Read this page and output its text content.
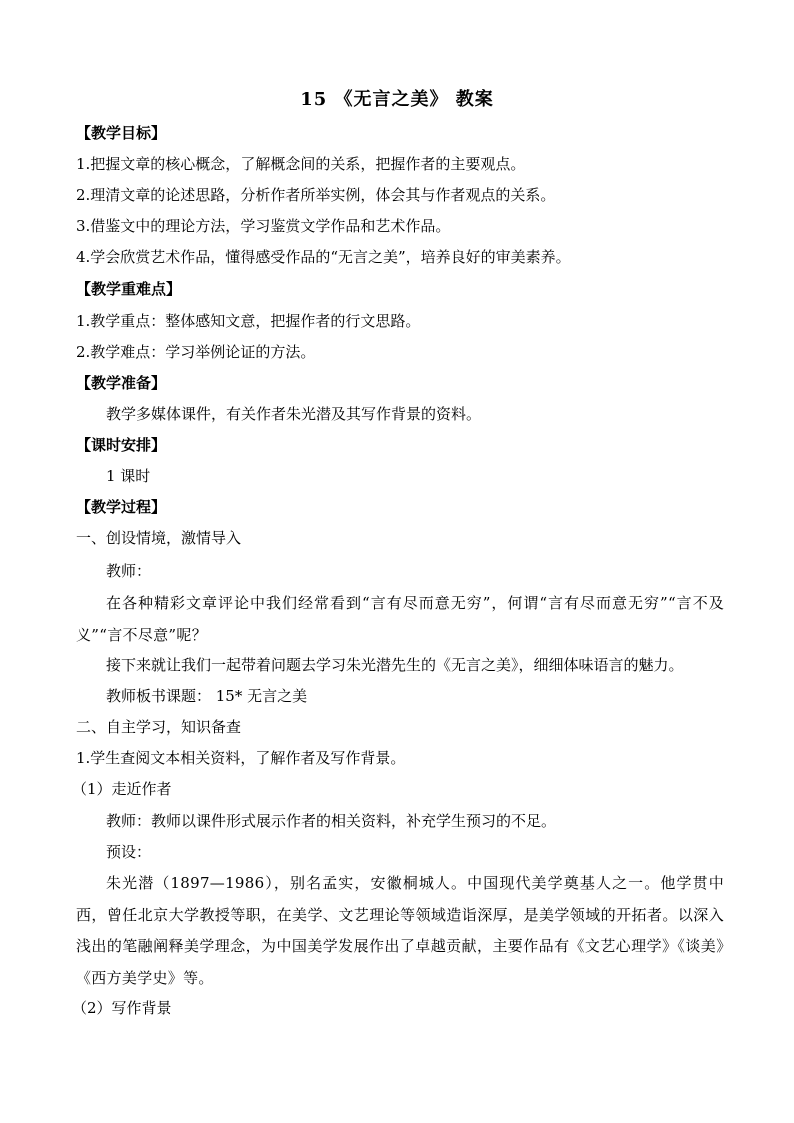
15 《无言之美》 教案
【教学目标】
1.把握文章的核心概念，了解概念间的关系，把握作者的主要观点。
2.理清文章的论述思路，分析作者所举实例，体会其与作者观点的关系。
3.借鉴文中的理论方法，学习鉴赏文学作品和艺术作品。
4.学会欣赏艺术作品，懂得感受作品的“无言之美”，培养良好的审美素养。
【教学重难点】
1.教学重点：整体感知文意，把握作者的行文思路。
2.教学难点：学习举例论证的方法。
【教学准备】
教学多媒体课件，有关作者朱光潜及其写作背景的资料。
【课时安排】
1 课时
【教学过程】
一、创设情境，激情导入
教师：
在各种精彩文章评论中我们经常看到“言有尽而意无穷”，何谓“言有尽而意无穷”“言不及义”“言不尽意”呢？
接下来就让我们一起带着问题去学习朱光潜先生的《无言之美》，细细体味语言的魅力。
教师板书课题： 15* 无言之美
二、自主学习，知识备查
1.学生查阅文本相关资料，了解作者及写作背景。
（1）走近作者
教师：教师以课件形式展示作者的相关资料，补充学生预习的不足。
预设：
朱光潜（1897—1986），别名孟实，安徽桐城人。中国现代美学奠基人之一。他学贯中西，曾任北京大学教授等职，在美学、文艺理论等领域造诣深厚，是美学领域的开拓者。以深入浅出的笔融阐释美学理念，为中国美学发展作出了卓越贡献，主要作品有《文艺心理学》《谈美》《西方美学史》等。
（2）写作背景
